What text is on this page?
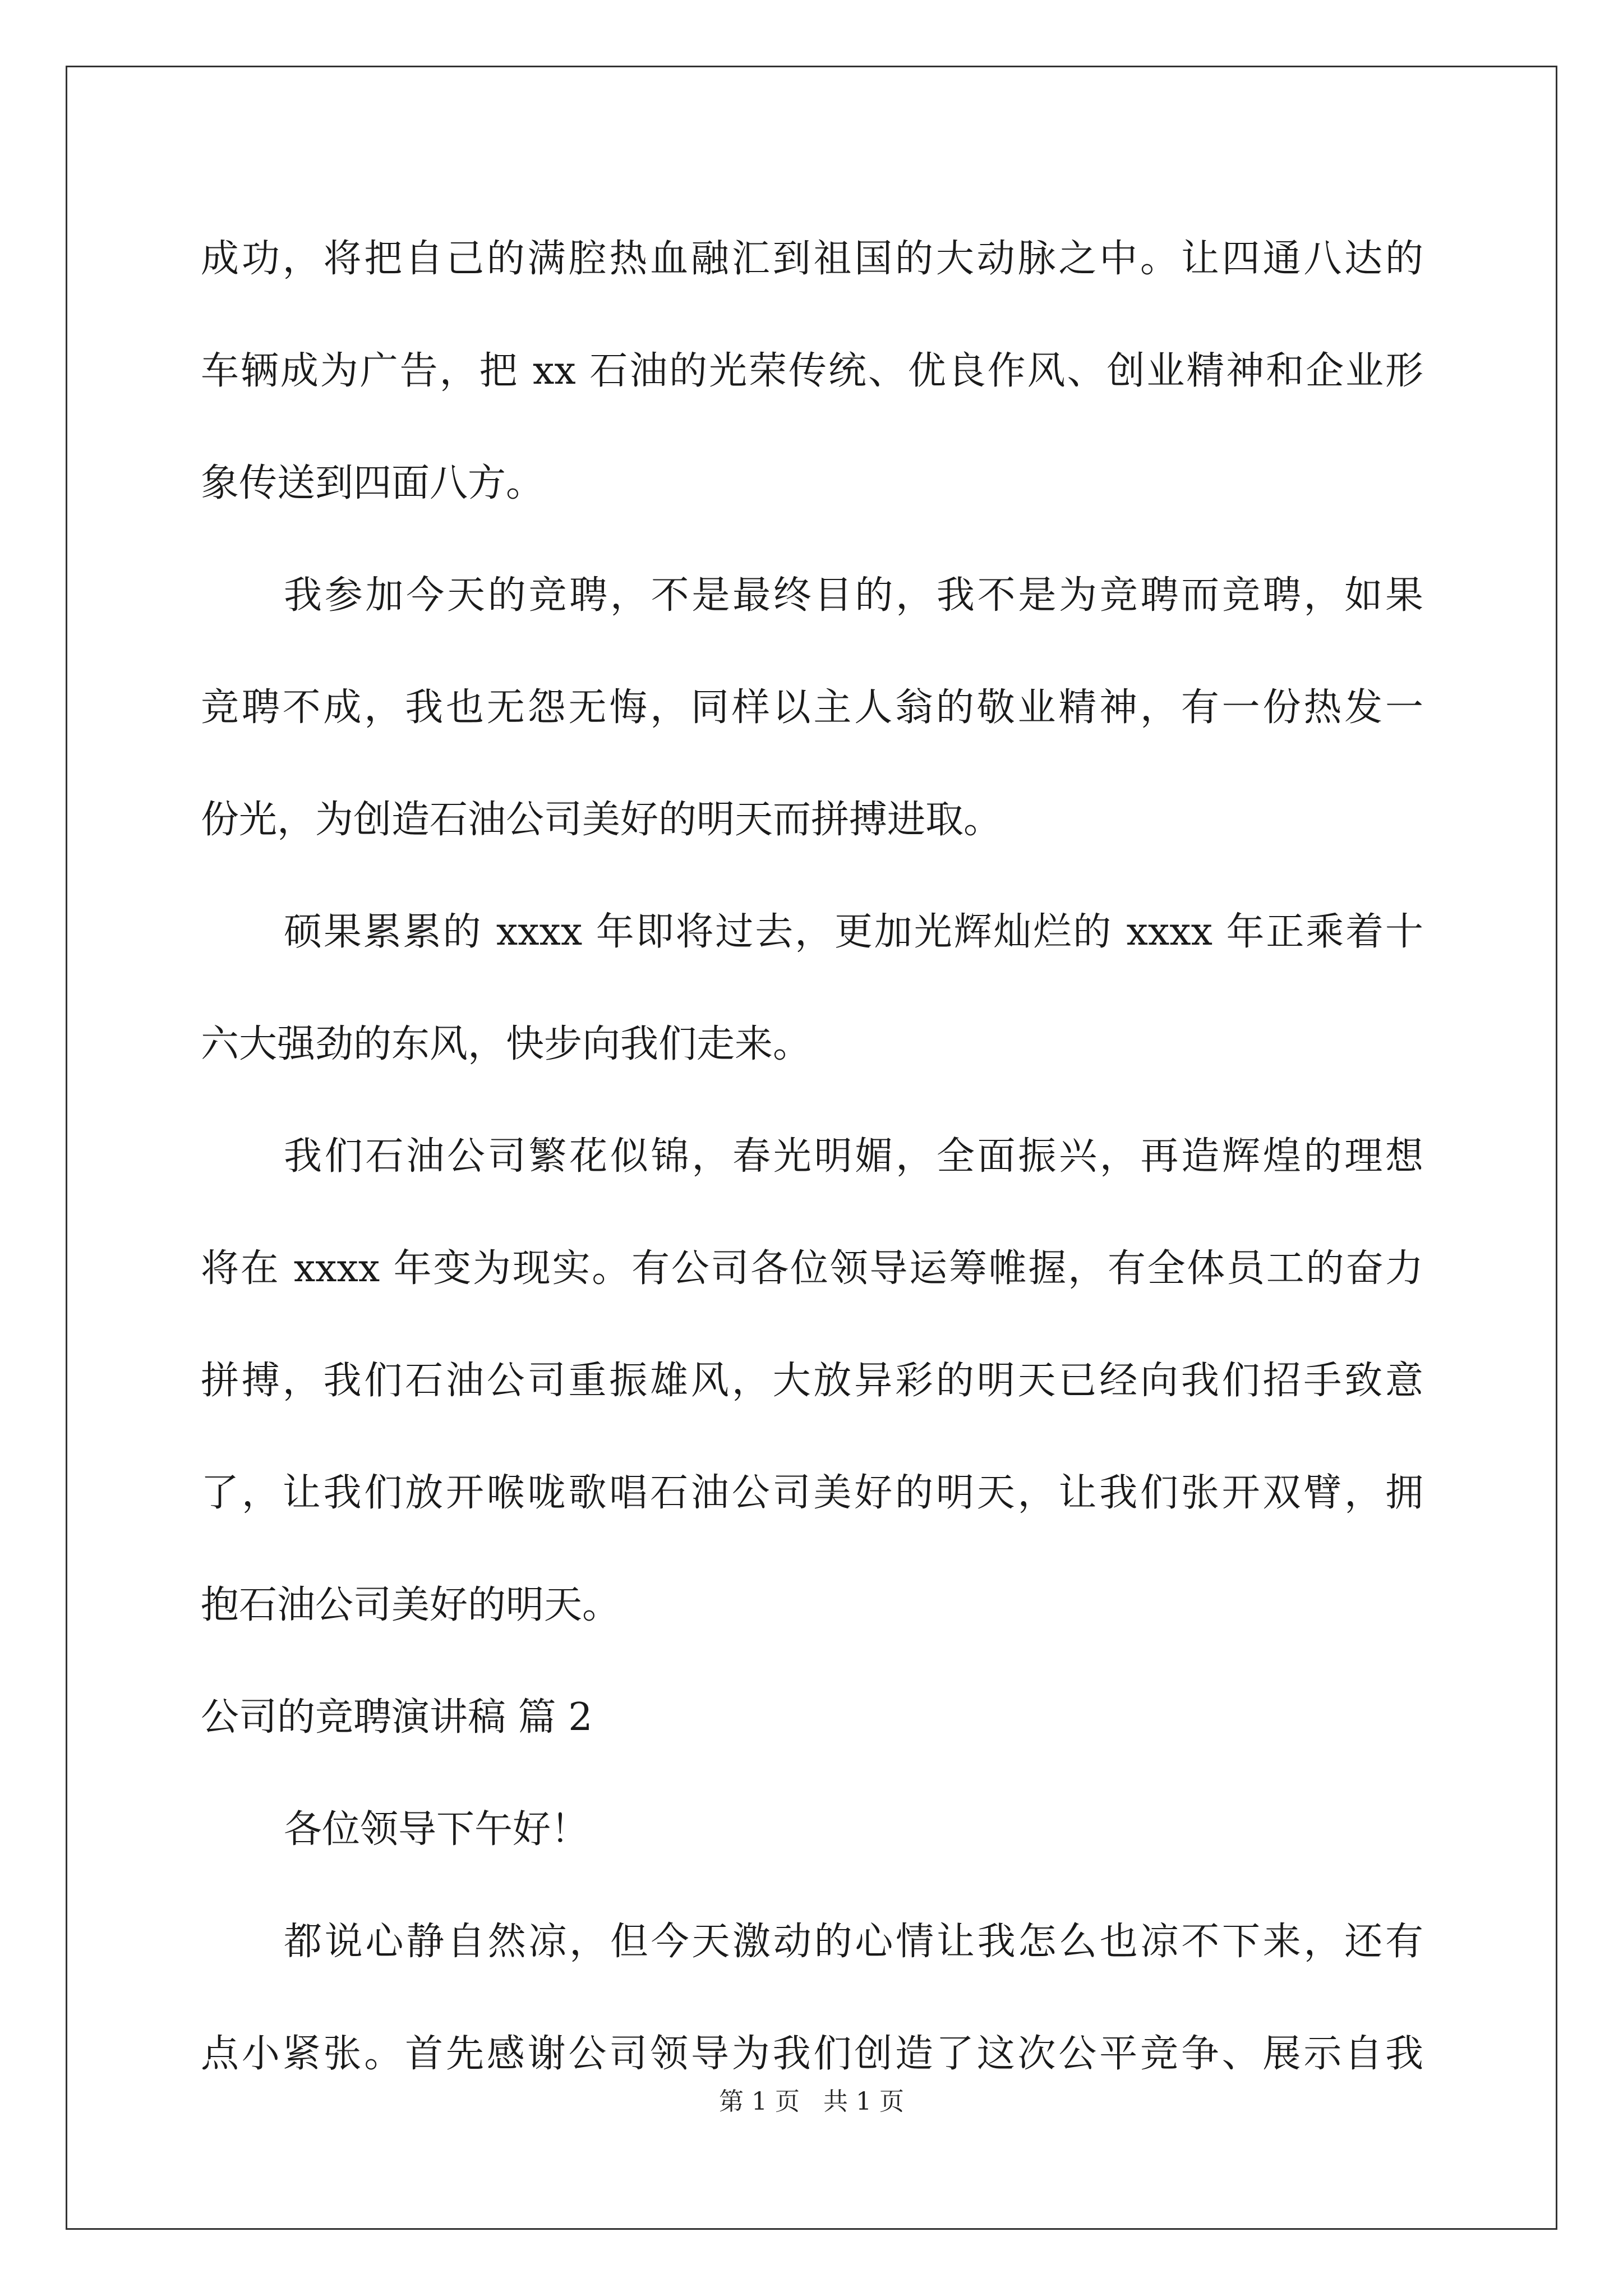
成功，将把自己的满腔热血融汇到祖国的大动脉之中。让四通八达的
车辆成为广告，把 xx 石油的光荣传统、优良作风、创业精神和企业形
象传送到四面八方。
我参加今天的竞聘，不是最终目的，我不是为竞聘而竞聘，如果
竞聘不成，我也无怨无悔，同样以主人翁的敬业精神，有一份热发一
份光，为创造石油公司美好的明天而拼搏进取。
硕果累累的 xxxx 年即将过去，更加光辉灿烂的 xxxx 年正乘着十
六大强劲的东风，快步向我们走来。
我们石油公司繁花似锦，春光明媚，全面振兴，再造辉煌的理想
将在 xxxx 年变为现实。有公司各位领导运筹帷握，有全体员工的奋力
拼搏，我们石油公司重振雄风，大放异彩的明天已经向我们招手致意
了，让我们放开喉咙歌唱石油公司美好的明天，让我们张开双臂，拥
抱石油公司美好的明天。
公司的竞聘演讲稿 篇 2
各位领导下午好！
都说心静自然凉，但今天激动的心情让我怎么也凉不下来，还有
点小紧张。首先感谢公司领导为我们创造了这次公平竞争、展示自我
第 1 页 共 1 页
